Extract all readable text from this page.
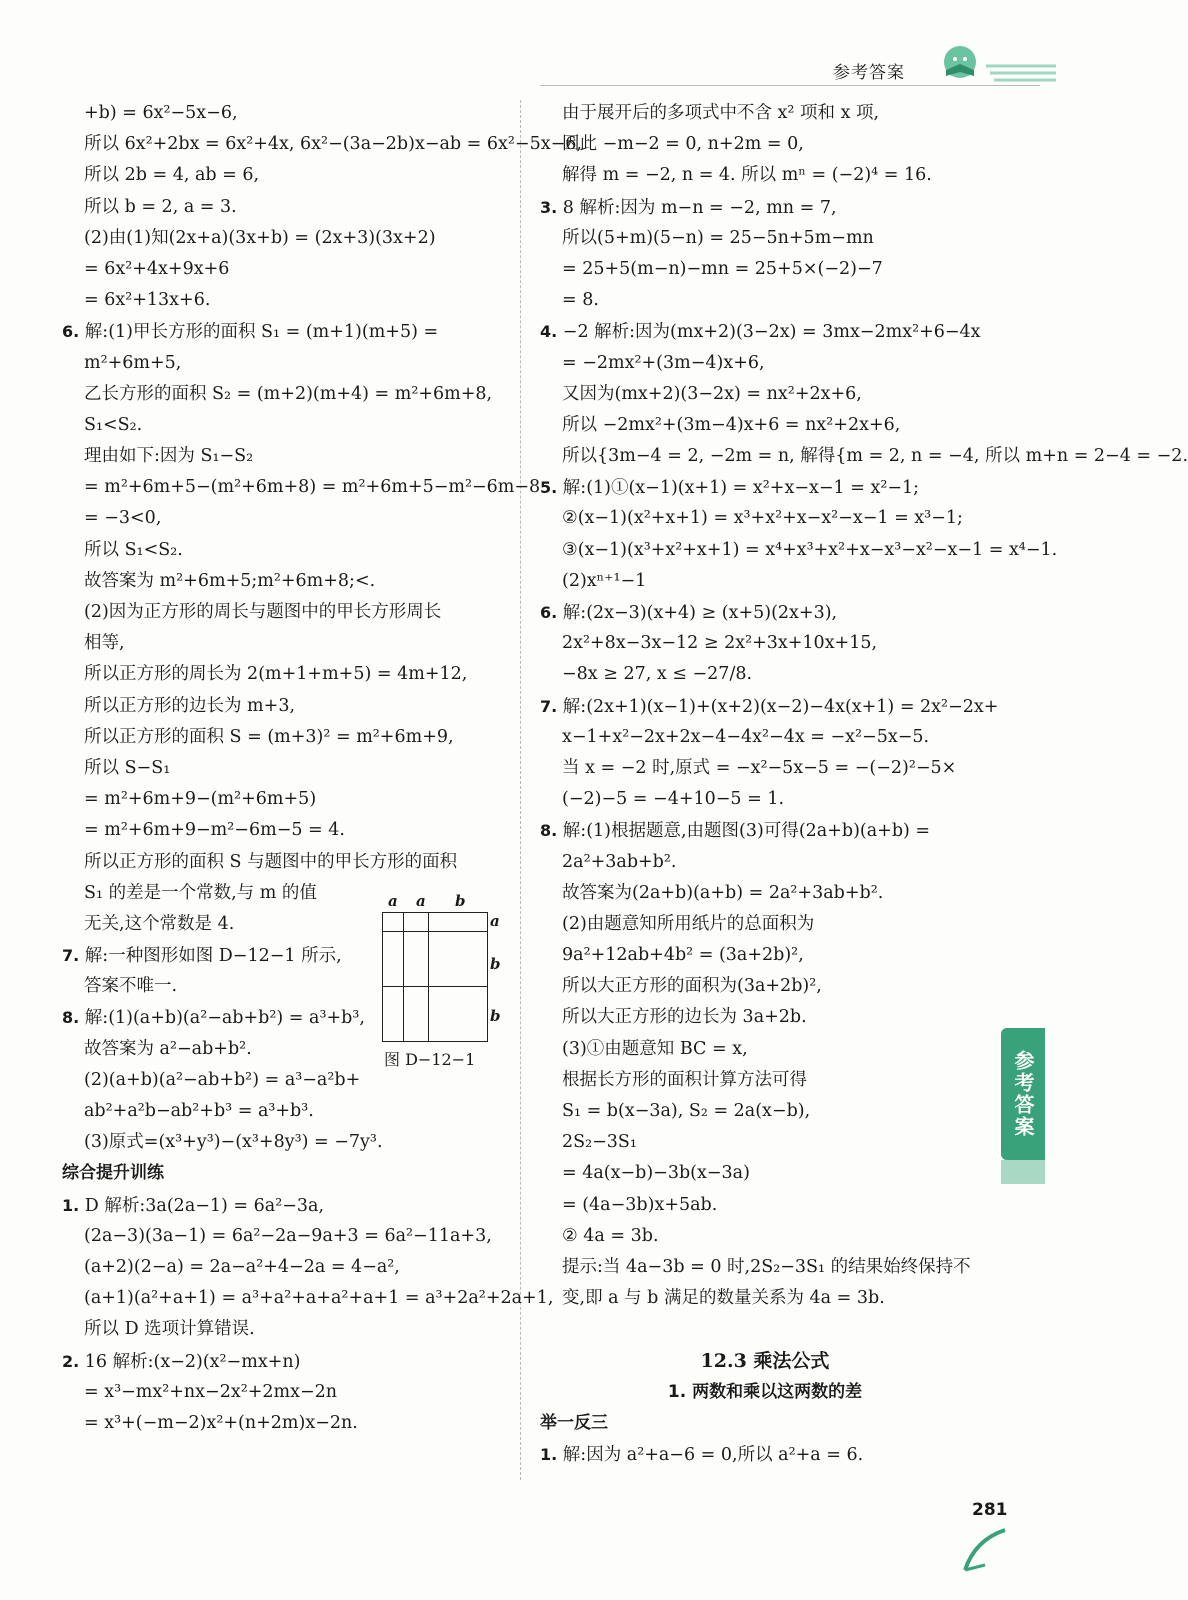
参考答案
+b) = 6x²−5x−6,
所以 6x²+2bx = 6x²+4x, 6x²−(3a−2b)x−ab = 6x²−5x−6,
所以 2b = 4, ab = 6,
所以 b = 2, a = 3.
(2)由(1)知(2x+a)(3x+b) = (2x+3)(3x+2)
= 6x²+4x+9x+6
= 6x²+13x+6.
6. 解:(1)甲长方形的面积 S₁ = (m+1)(m+5) =
m²+6m+5,
乙长方形的面积 S₂ = (m+2)(m+4) = m²+6m+8,
S₁<S₂.
理由如下:因为 S₁−S₂
= m²+6m+5−(m²+6m+8) = m²+6m+5−m²−6m−8
= −3<0,
所以 S₁<S₂.
故答案为 m²+6m+5;m²+6m+8;<.
(2)因为正方形的周长与题图中的甲长方形周长
相等,
所以正方形的周长为 2(m+1+m+5) = 4m+12,
所以正方形的边长为 m+3,
所以正方形的面积 S = (m+3)² = m²+6m+9,
所以 S−S₁
= m²+6m+9−(m²+6m+5)
= m²+6m+9−m²−6m−5 = 4.
所以正方形的面积 S 与题图中的甲长方形的面积
S₁ 的差是一个常数,与 m 的值
无关,这个常数是 4.
7. 解:一种图形如图 D−12−1 所示,
答案不唯一.
8. 解:(1)(a+b)(a²−ab+b²) = a³+b³,
故答案为 a²−ab+b².
(2)(a+b)(a²−ab+b²) = a³−a²b+
ab²+a²b−ab²+b³ = a³+b³.
(3)原式=(x³+y³)−(x³+8y³) = −7y³.
综合提升训练
1. D 解析:3a(2a−1) = 6a²−3a,
(2a−3)(3a−1) = 6a²−2a−9a+3 = 6a²−11a+3,
(a+2)(2−a) = 2a−a²+4−2a = 4−a²,
(a+1)(a²+a+1) = a³+a²+a+a²+a+1 = a³+2a²+2a+1,
所以 D 选项计算错误.
2. 16 解析:(x−2)(x²−mx+n)
= x³−mx²+nx−2x²+2mx−2n
= x³+(−m−2)x²+(n+2m)x−2n.
由于展开后的多项式中不含 x² 项和 x 项,
因此 −m−2 = 0, n+2m = 0,
解得 m = −2, n = 4. 所以 mⁿ = (−2)⁴ = 16.
3. 8 解析:因为 m−n = −2, mn = 7,
所以(5+m)(5−n) = 25−5n+5m−mn
= 25+5(m−n)−mn = 25+5×(−2)−7
= 8.
4. −2 解析:因为(mx+2)(3−2x) = 3mx−2mx²+6−4x
= −2mx²+(3m−4)x+6,
又因为(mx+2)(3−2x) = nx²+2x+6,
所以 −2mx²+(3m−4)x+6 = nx²+2x+6,
所以{3m−4 = 2, −2m = n, 解得{m = 2, n = −4, 所以 m+n = 2−4 = −2.
5. 解:(1)①(x−1)(x+1) = x²+x−x−1 = x²−1;
②(x−1)(x²+x+1) = x³+x²+x−x²−x−1 = x³−1;
③(x−1)(x³+x²+x+1) = x⁴+x³+x²+x−x³−x²−x−1 = x⁴−1.
(2)xⁿ⁺¹−1
6. 解:(2x−3)(x+4) ≥ (x+5)(2x+3),
2x²+8x−3x−12 ≥ 2x²+3x+10x+15,
−8x ≥ 27, x ≤ −27/8.
7. 解:(2x+1)(x−1)+(x+2)(x−2)−4x(x+1) = 2x²−2x+
x−1+x²−2x+2x−4−4x²−4x = −x²−5x−5.
当 x = −2 时,原式 = −x²−5x−5 = −(−2)²−5×
(−2)−5 = −4+10−5 = 1.
8. 解:(1)根据题意,由题图(3)可得(2a+b)(a+b) =
2a²+3ab+b².
故答案为(2a+b)(a+b) = 2a²+3ab+b².
(2)由题意知所用纸片的总面积为
9a²+12ab+4b² = (3a+2b)²,
所以大正方形的面积为(3a+2b)²,
所以大正方形的边长为 3a+2b.
(3)①由题意知 BC = x,
根据长方形的面积计算方法可得
S₁ = b(x−3a), S₂ = 2a(x−b),
2S₂−3S₁
= 4a(x−b)−3b(x−3a)
= (4a−3b)x+5ab.
② 4a = 3b.
提示:当 4a−3b = 0 时,2S₂−3S₁ 的结果始终保持不
变,即 a 与 b 满足的数量关系为 4a = 3b.
12.3 乘法公式
1. 两数和乘以这两数的差
举一反三
1. 解:因为 a²+a−6 = 0,所以 a²+a = 6.
a a b
a
b
b
图 D−12−1	参考答案
281
